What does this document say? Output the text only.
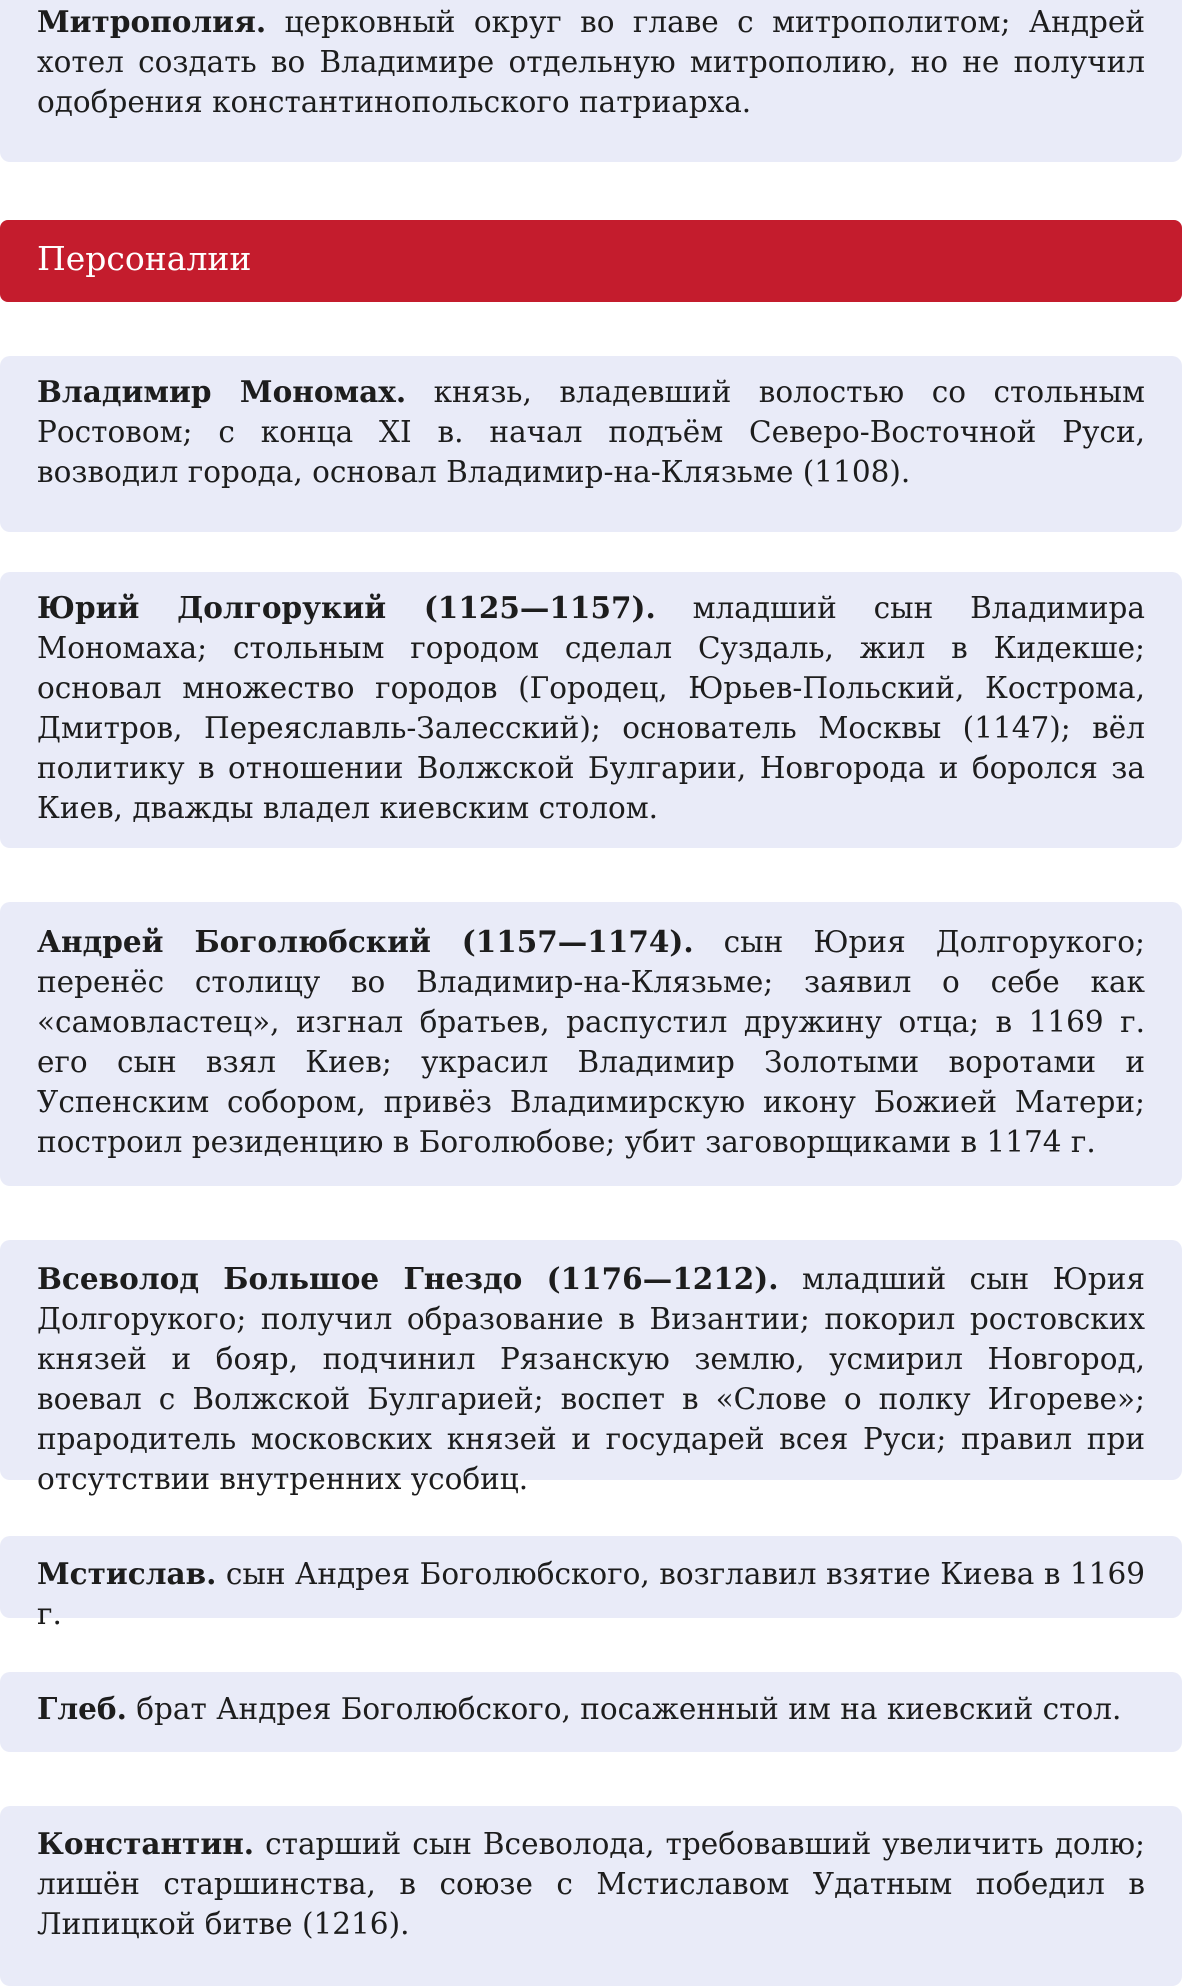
Митрополия. церковный округ во главе с митрополитом; Андрей хотел создать во Владимире отдельную митрополию, но не получил одобрения константинопольского патриарха.
Персоналии
Владимир Мономах. князь, владевший волостью со стольным Ростовом; с конца XI в. начал подъём Северо-Восточной Руси, возводил города, основал Владимир-на-Клязьме (1108).
Юрий Долгорукий (1125—1157). младший сын Владимира Мономаха; стольным городом сделал Суздаль, жил в Кидекше; основал множество городов (Городец, Юрьев-Польский, Кострома, Дмитров, Переяславль-Залесский); основатель Москвы (1147); вёл политику в отношении Волжской Булгарии, Новгорода и боролся за Киев, дважды владел киевским столом.
Андрей Боголюбский (1157—1174). сын Юрия Долгорукого; перенёс столицу во Владимир-на-Клязьме; заявил о себе как «самовластец», изгнал братьев, распустил дружину отца; в 1169 г. его сын взял Киев; украсил Владимир Золотыми воротами и Успенским собором, привёз Владимирскую икону Божией Матери; построил резиденцию в Боголюбове; убит заговорщиками в 1174 г.
Всеволод Большое Гнездо (1176—1212). младший сын Юрия Долгорукого; получил образование в Византии; покорил ростовских князей и бояр, подчинил Рязанскую землю, усмирил Новгород, воевал с Волжской Булгарией; воспет в «Слове о полку Игореве»; прародитель московских князей и государей всея Руси; правил при отсутствии внутренних усобиц.
Мстислав. сын Андрея Боголюбского, возглавил взятие Киева в 1169 г.
Глеб. брат Андрея Боголюбского, посаженный им на киевский стол.
Константин. старший сын Всеволода, требовавший увеличить долю; лишён старшинства, в союзе с Мстиславом Удатным победил в Липицкой битве (1216).
